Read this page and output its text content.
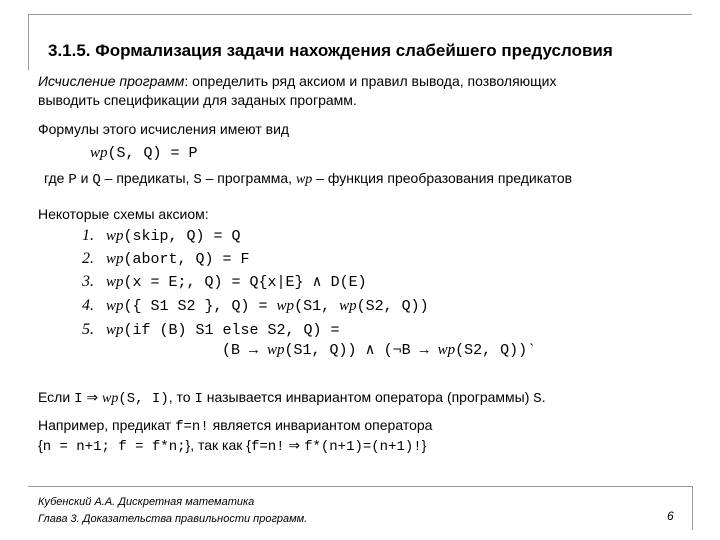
3.1.5. Формализация задачи нахождения слабейшего предусловия
Исчисление программ: определить ряд аксиом и правил вывода, позволяющих
выводить спецификации для заданых программ.
Формулы этого исчисления имеют вид
wp(S, Q) = P
где P и Q – предикаты, S – программа, wp – функция преобразования предикатов
Некоторые схемы аксиом:
1. wp(skip, Q) = Q
2. wp(abort, Q) = F
3. wp(x = E;, Q) = Q{x|E} ∧ D(E)
4. wp({ S1 S2 }, Q) = wp(S1, wp(S2, Q))
5. wp(if (B) S1 else S2, Q) =
(B → wp(S1, Q)) ∧ (¬B → wp(S2, Q))`
Если I ⇒ wp(S, I), то I называется инвариантом оператора (программы) S.
Например, предикат f=n! является инвариантом оператора
{n = n+1; f = f*n;}, так как {f=n! ⇒ f*(n+1)=(n+1)!}
Кубенский А.А. Дискретная математика
Глава 3. Доказательства правильности программ.	6
